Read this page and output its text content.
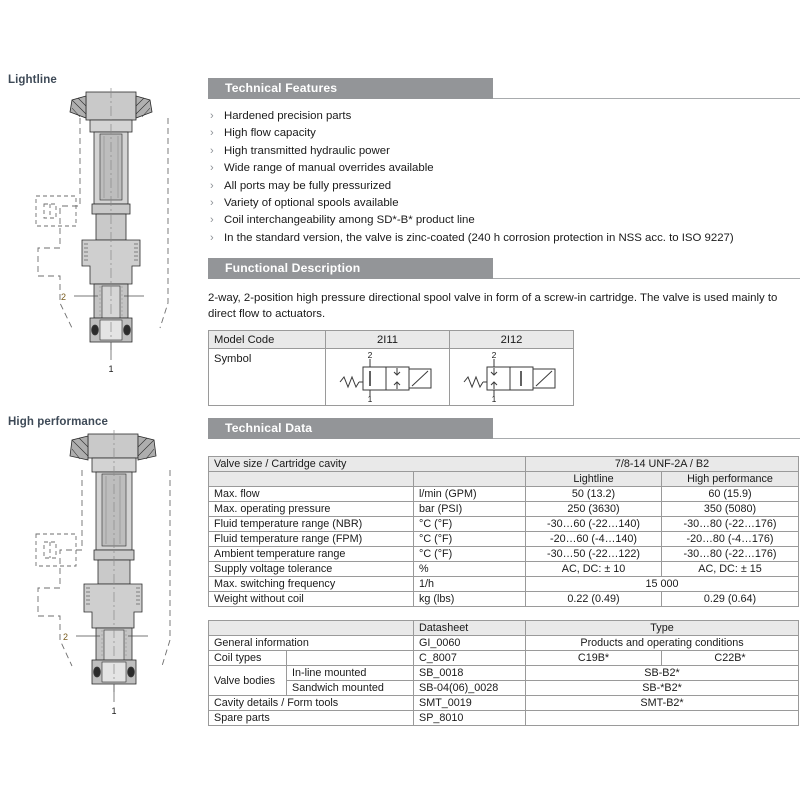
Lightline
2
1
High performance
2
1
Technical Features
› Hardened precision parts
› High flow capacity
› High transmitted hydraulic power
› Wide range of manual overrides available
› All ports may be fully pressurized
› Variety of optional spools available
› Coil interchangeability among SD*-B* product line
› In the standard version, the valve is zinc-coated (240 h corrosion protection in NSS acc. to ISO 9227)
Functional Description
2-way, 2-position high pressure directional spool valve in form of a screw-in cartridge. The valve is used mainly to direct flow to actuators.
Model Code	2I11	2I12
Symbol	2
1	2
1
Technical Data
Valve size / Cartridge cavity		7/8-14 UNF-2A / B2	
		Lightline	High performance
Max. flow	l/min (GPM)	50 (13.2)	60 (15.9)
Max. operating pressure	bar (PSI)	250 (3630)	350 (5080)
Fluid temperature range (NBR)	°C (°F)	-30…60 (-22…140)	-30…80 (-22…176)
Fluid temperature range (FPM)	°C (°F)	-20…60 (-4…140)	-20…80 (-4…176)
Ambient temperature range	°C (°F)	-30…50 (-22…122)	-30…80 (-22…176)
Supply voltage tolerance	%	AC, DC: ± 10	AC, DC: ± 15
Max. switching frequency	1/h	15 000	
Weight without coil	kg (lbs)	0.22 (0.49)	0.29 (0.64)
		Datasheet	Type	
General information		GI_0060	Products and operating conditions	
Coil types		C_8007	C19B*	C22B*
Valve bodies	In-line mounted	SB_0018	SB-B2*	
	Sandwich mounted	SB-04(06)_0028	SB-*B2*	
Cavity details / Form tools		SMT_0019	SMT-B2*	
Spare parts		SP_8010		
